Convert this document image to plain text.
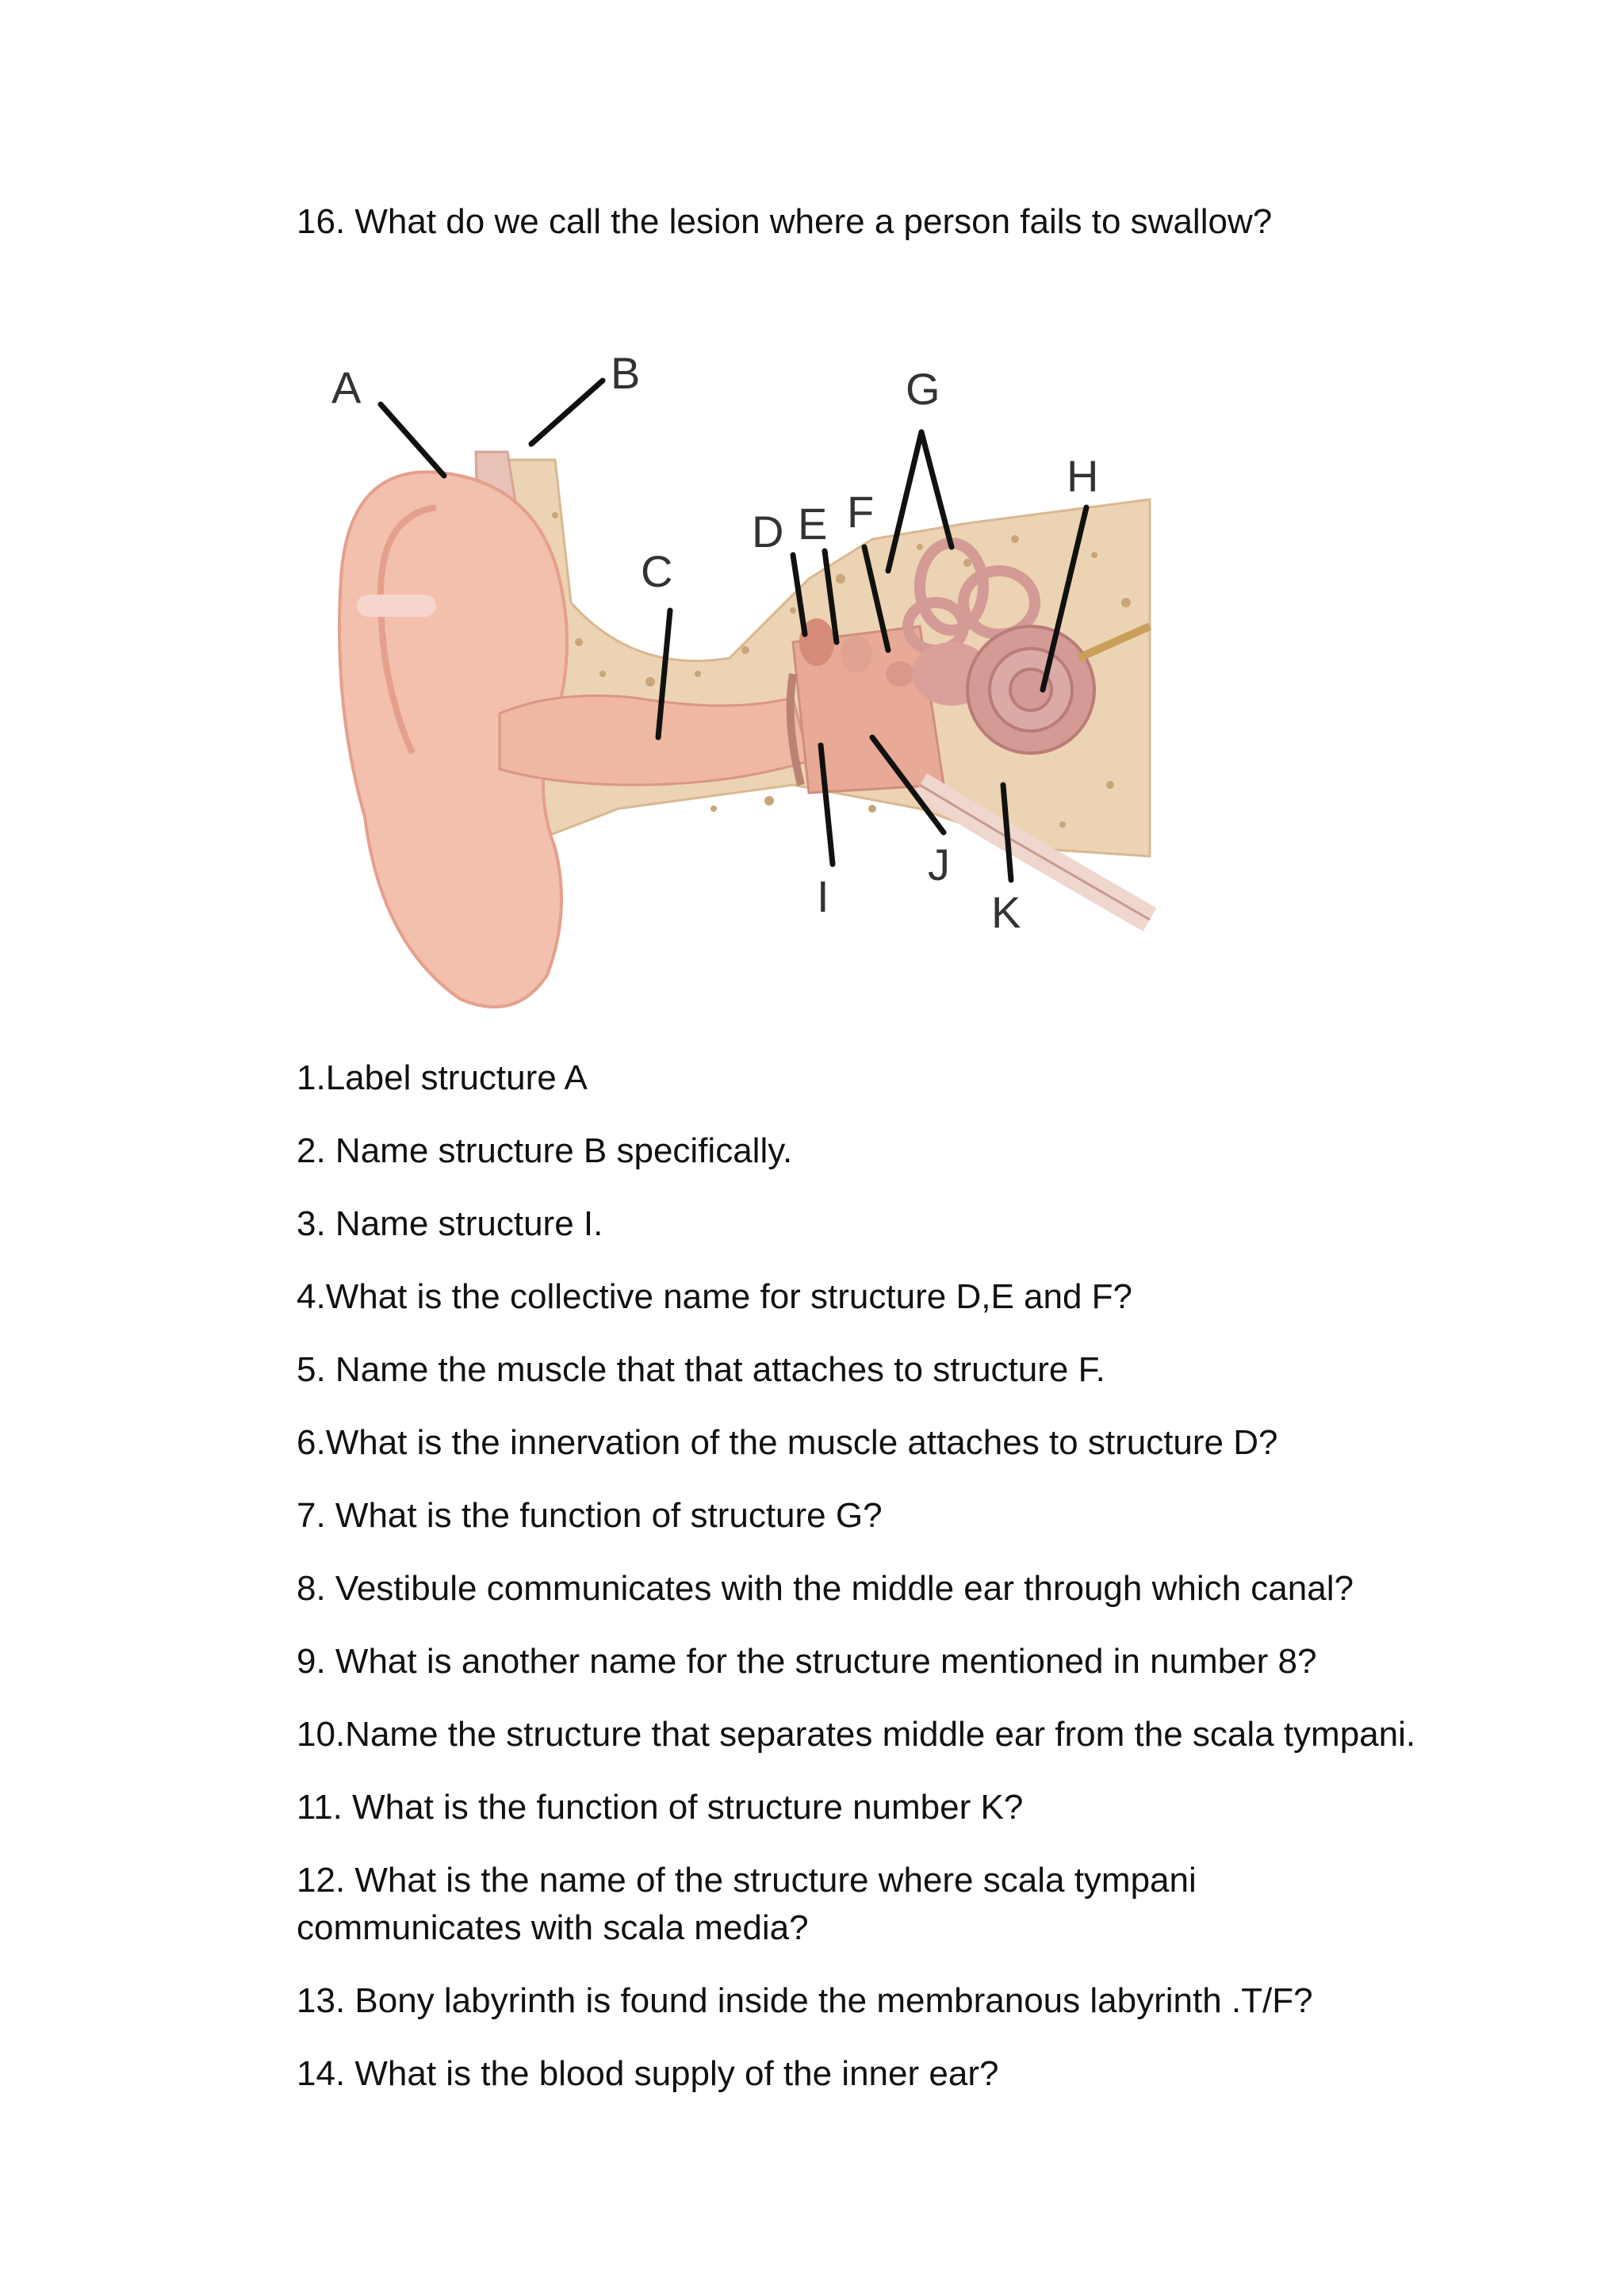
16. What do we call the lesion where a person fails to swallow?
A	B
C
D E F
G
H
I
J
K
1.Label structure A
2. Name structure B specifically.
3. Name structure I.
4.What is the collective name for structure D,E and F?
5. Name the muscle that that attaches to structure F.
6.What is the innervation of the muscle attaches to structure D?
7. What is the function of structure G?
8. Vestibule communicates with the middle ear through which canal?
9. What is another name for the structure mentioned in number 8?
10.Name the structure that separates middle ear from the scala tympani.
11. What is the function of structure number K?
12. What is the name of the structure where scala tympani communicates with scala media?
13. Bony labyrinth is found inside the membranous labyrinth .T/F?
14. What is the blood supply of the inner ear?
